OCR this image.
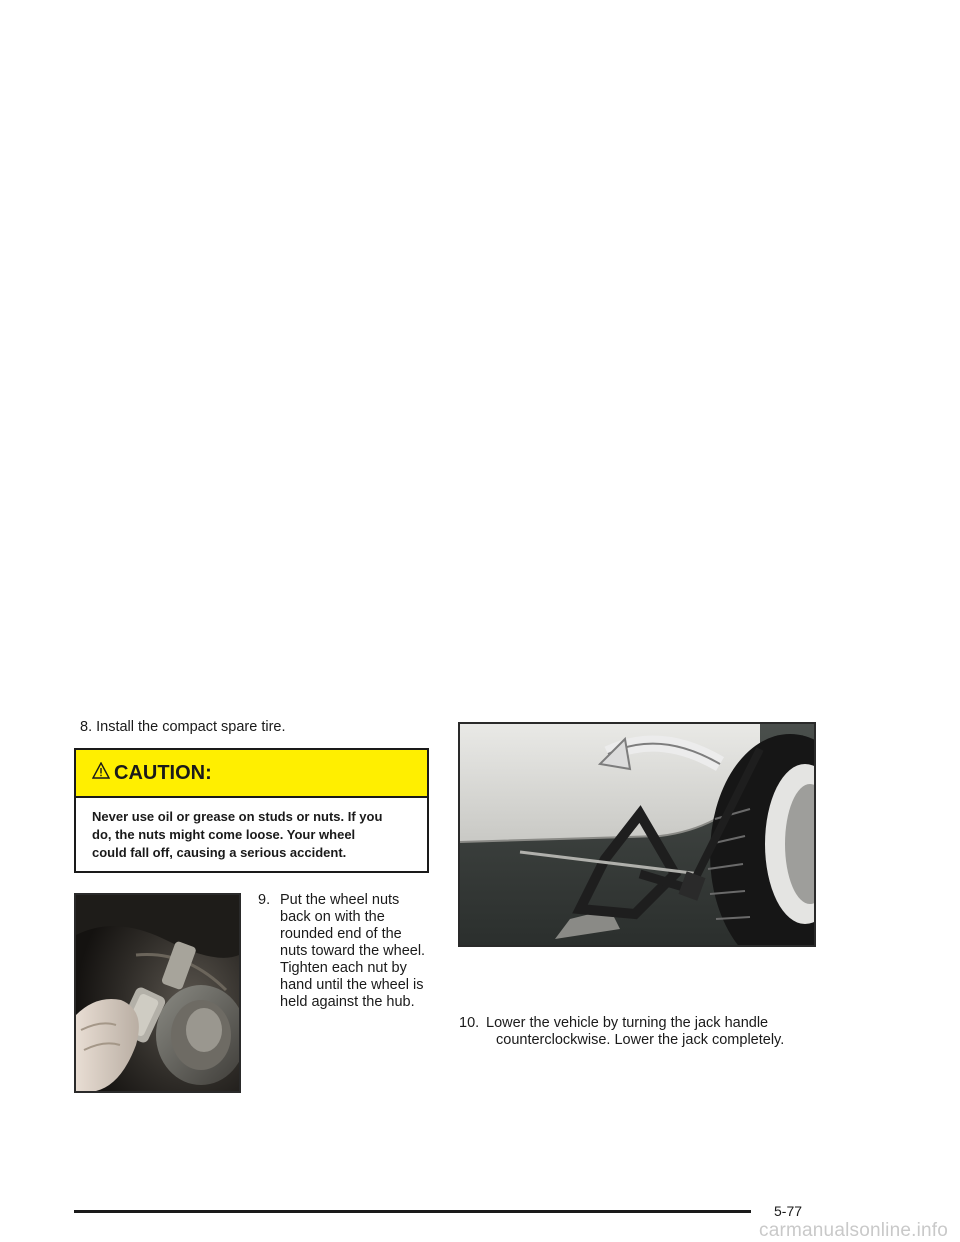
8. Install the compact spare tire.
CAUTION:
Never use oil or grease on studs or nuts. If you
do, the nuts might come loose. Your wheel
could fall off, causing a serious accident.
9. Put the wheel nuts
back on with the
rounded end of the
nuts toward the wheel.
Tighten each nut by
hand until the wheel is
held against the hub.
10. Lower the vehicle by turning the jack handle
counterclockwise. Lower the jack completely.
5-77
carmanualsonline.info
